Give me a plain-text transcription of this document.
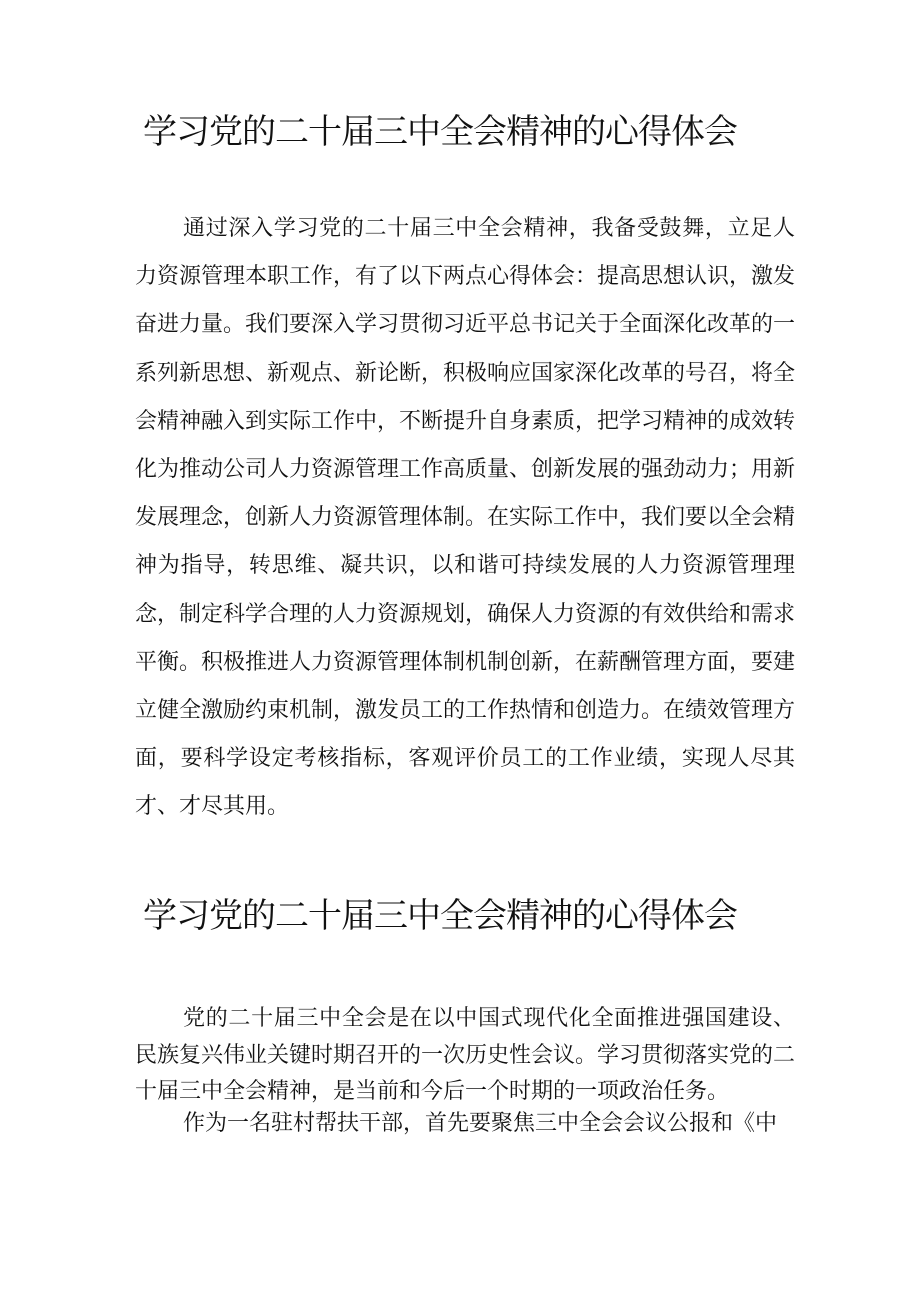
学习党的二十届三中全会精神的心得体会

通过深入学习党的二十届三中全会精神，我备受鼓舞，立足人力资源管理本职工作，有了以下两点心得体会：提高思想认识，激发奋进力量。我们要深入学习贯彻习近平总书记关于全面深化改革的一系列新思想、新观点、新论断，积极响应国家深化改革的号召，将全会精神融入到实际工作中，不断提升自身素质，把学习精神的成效转化为推动公司人力资源管理工作高质量、创新发展的强劲动力；用新发展理念，创新人力资源管理体制。在实际工作中，我们要以全会精神为指导，转思维、凝共识，以和谐可持续发展的人力资源管理理念，制定科学合理的人力资源规划，确保人力资源的有效供给和需求平衡。积极推进人力资源管理体制机制创新，在薪酬管理方面，要建立健全激励约束机制，激发员工的工作热情和创造力。在绩效管理方面，要科学设定考核指标，客观评价员工的工作业绩，实现人尽其才、才尽其用。

学习党的二十届三中全会精神的心得体会

党的二十届三中全会是在以中国式现代化全面推进强国建设、民族复兴伟业关键时期召开的一次历史性会议。学习贯彻落实党的二十届三中全会精神，是当前和今后一个时期的一项政治任务。

作为一名驻村帮扶干部，首先要聚焦三中全会会议公报和《中
